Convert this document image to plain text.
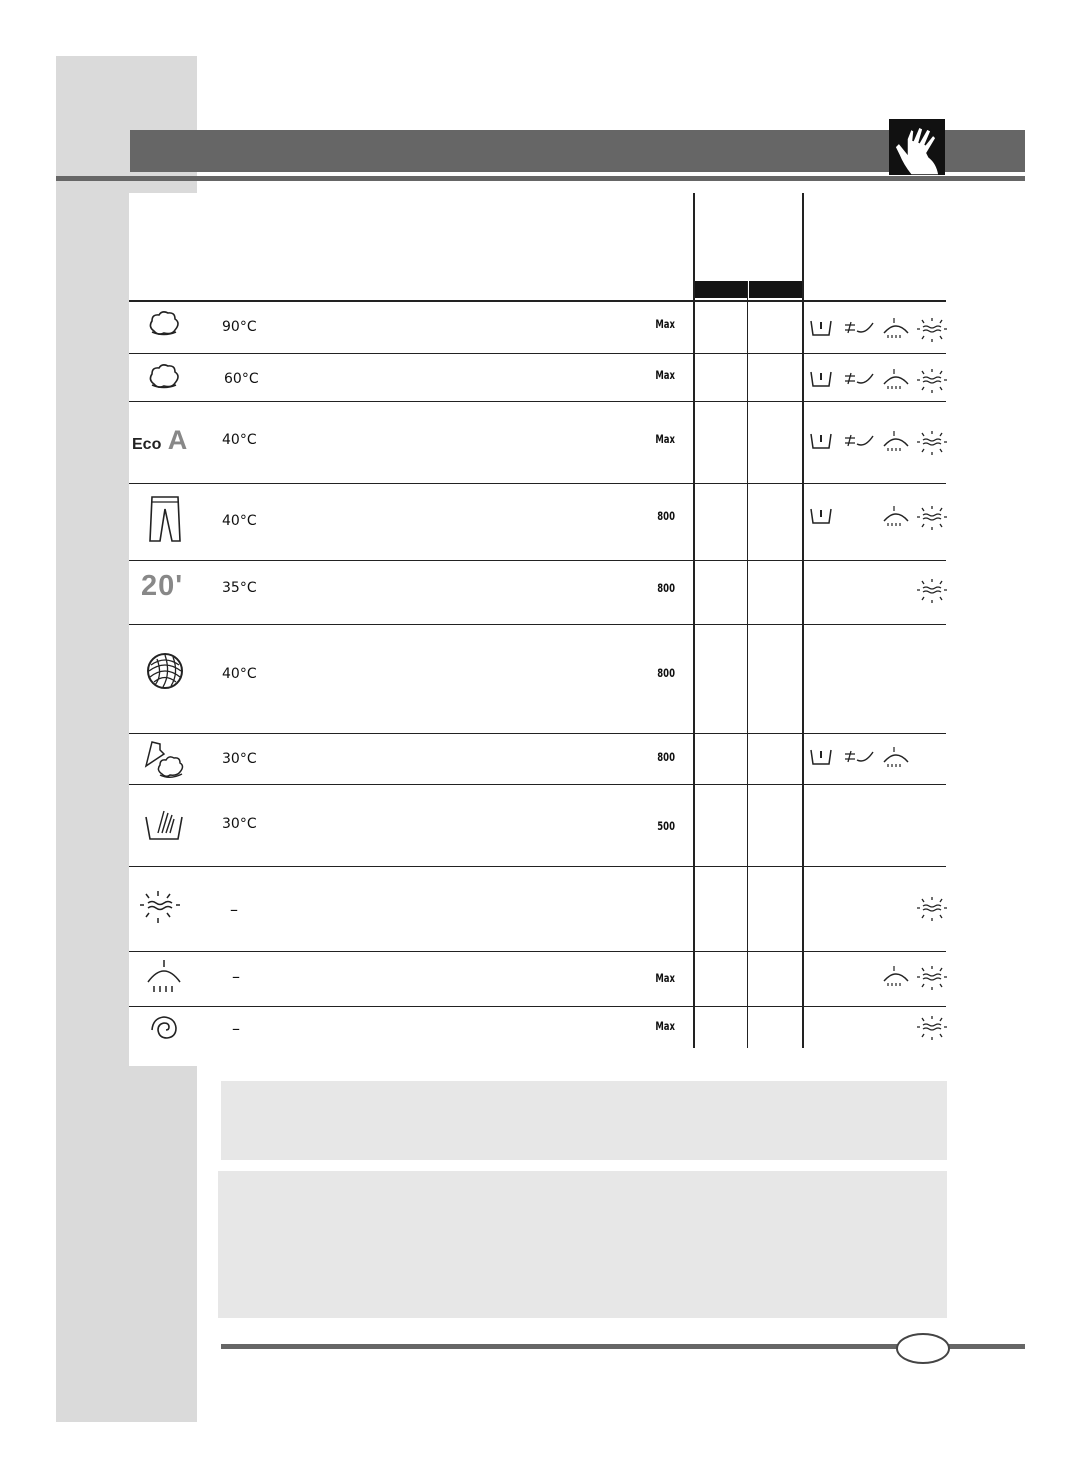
Eco A
20'
90°C
60°C
40°C
40°C
35°C
40°C
30°C
30°C
–
–
–
Max
Max
Max
800
800
800
800
500
Max
Max
